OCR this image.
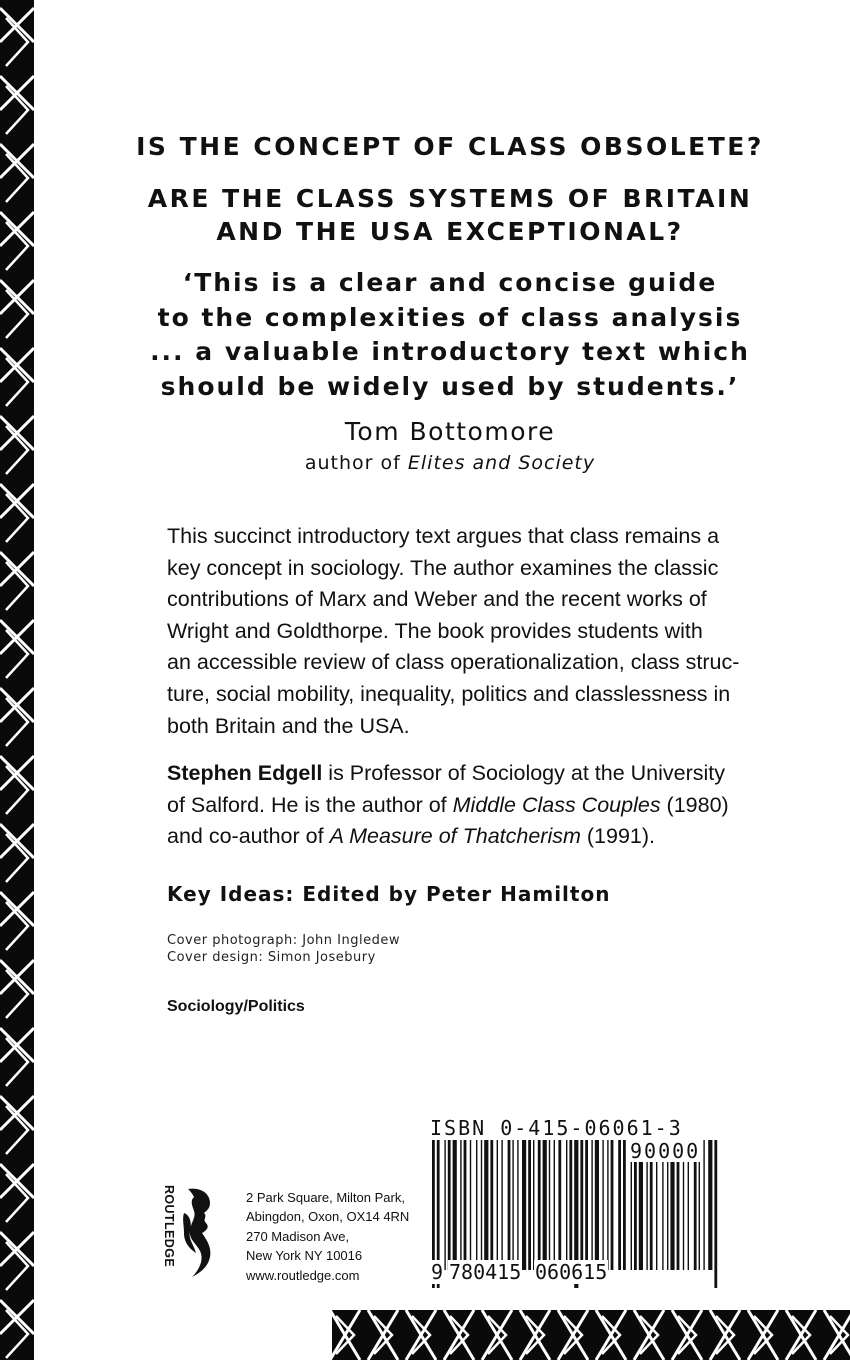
IS THE CONCEPT OF CLASS OBSOLETE?
ARE THE CLASS SYSTEMS OF BRITAIN
AND THE USA EXCEPTIONAL?
‘This is a clear and concise guide
to the complexities of class analysis
... a valuable introductory text which
should be widely used by students.’
Tom Bottomore
author of Elites and Society
This succinct introductory text argues that class remains a
key concept in sociology. The author examines the classic
contributions of Marx and Weber and the recent works of
Wright and Goldthorpe. The book provides students with
an accessible review of class operationalization, class struc-
ture, social mobility, inequality, politics and classlessness in
both Britain and the USA.
Stephen Edgell is Professor of Sociology at the University
of Salford. He is the author of Middle Class Couples (1980)
and co-author of A Measure of Thatcherism (1991).
Key Ideas: Edited by Peter Hamilton
Cover photograph: John Ingledew
Cover design: Simon Josebury
Sociology/Politics
ROUTLEDGE	2 Park Square, Milton Park,
Abingdon, Oxon, OX14 4RN
270 Madison Ave,
New York NY 10016
www.routledge.com
ISBN 0-415-06061-3
90000
9 780415 060615
